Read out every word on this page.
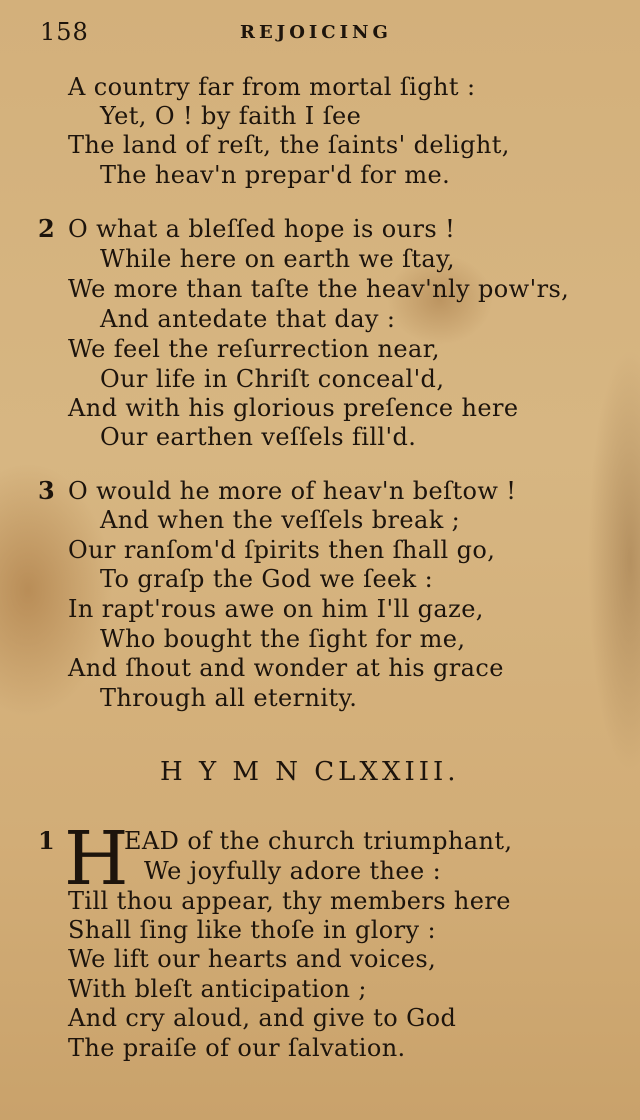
158	REJOICING
A country far from mortal ſight :
Yet, O ! by faith I ſee
The land of reſt, the ſaints' delight,
The heav'n prepar'd for me.
2 O what a bleſſed hope is ours !
While here on earth we ſtay,
We more than taſte the heav'nly pow'rs,
And antedate that day :
We feel the reſurrection near,
Our life in Chriſt conceal'd,
And with his glorious preſence here
Our earthen veſſels fill'd.
3 O would he more of heav'n beſtow !
And when the veſſels break ;
Our ranſom'd ſpirits then ſhall go,
To graſp the God we ſeek :
In rapt'rous awe on him I'll gaze,
Who bought the ſight for me,
And ſhout and wonder at his grace
Through all eternity.
H Y M N CLXXIII.
1 H
EAD of the church triumphant,
We joyfully adore thee :
Till thou appear, thy members here
Shall ſing like thoſe in glory :
We lift our hearts and voices,
With bleſt anticipation ;
And cry aloud, and give to God
The praiſe of our ſalvation.
